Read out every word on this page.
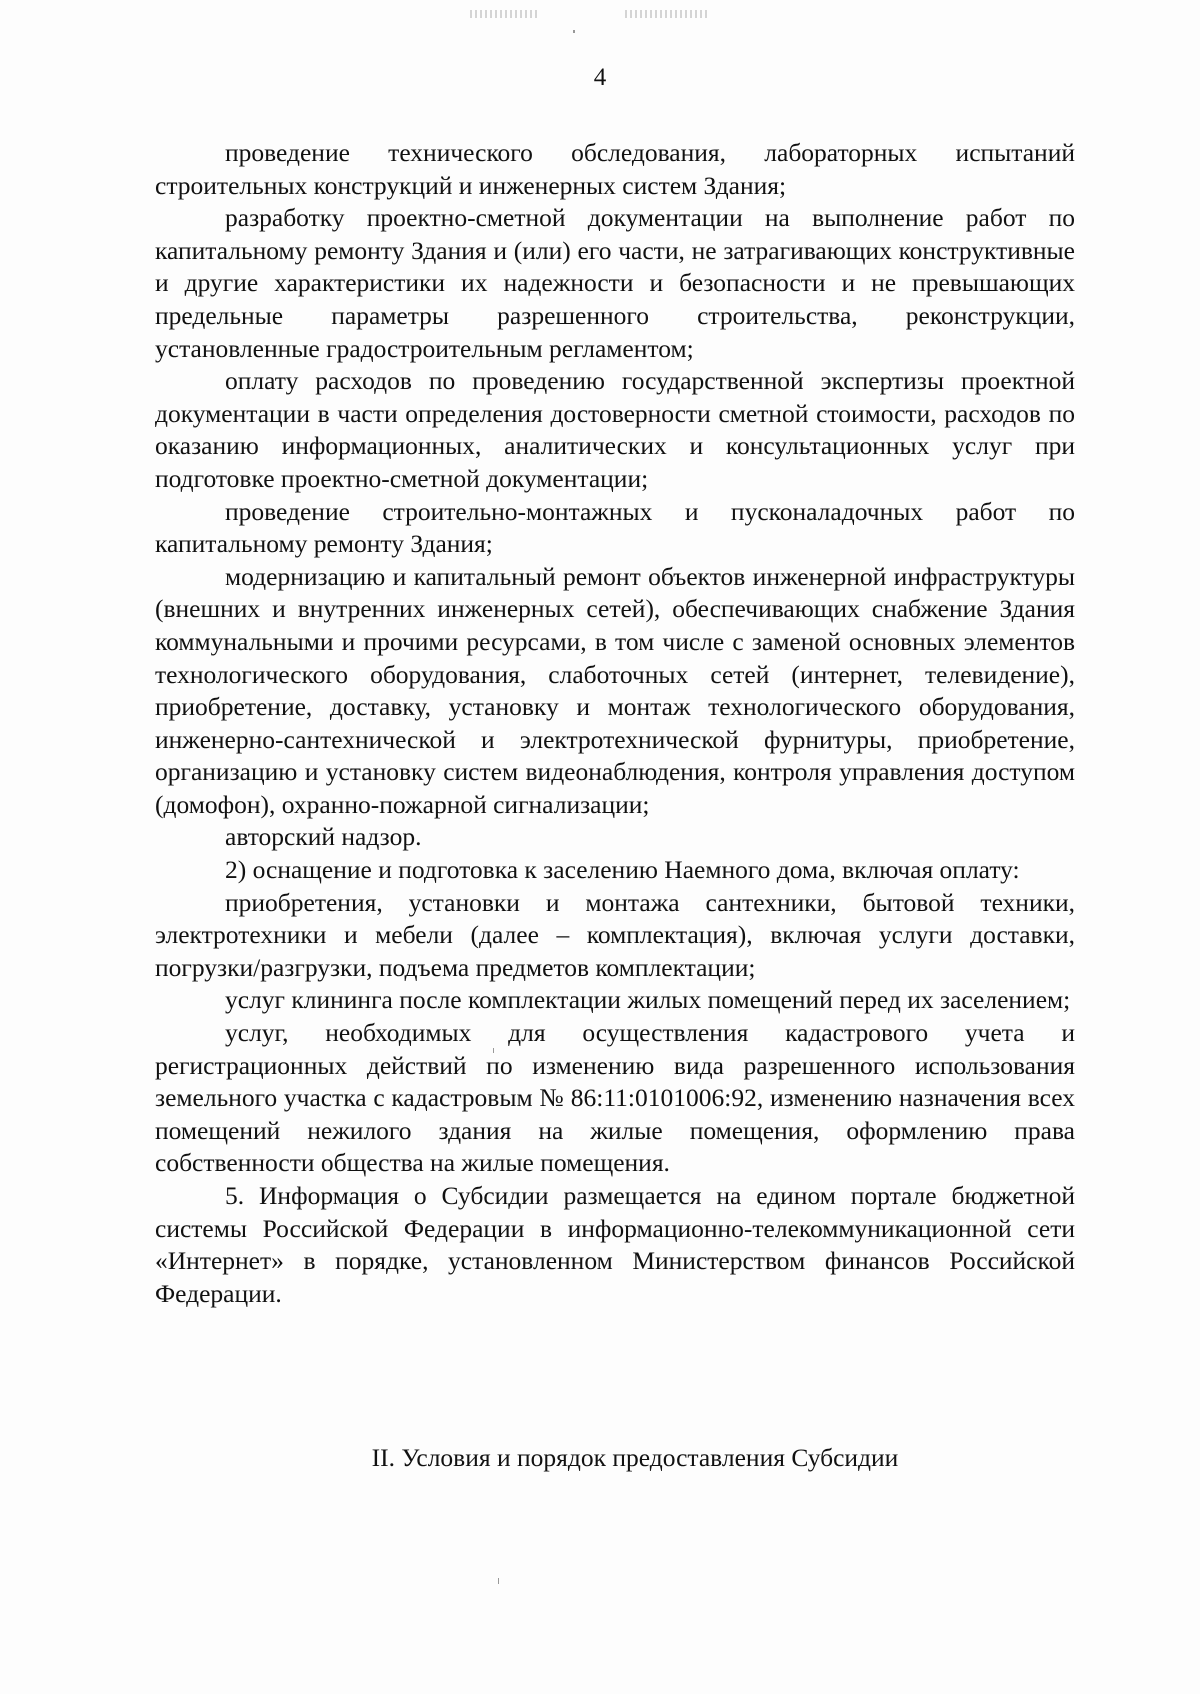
4

проведение технического обследования, лабораторных испытаний строительных конструкций и инженерных систем Здания;

разработку проектно-сметной документации на выполнение работ по капитальному ремонту Здания и (или) его части, не затрагивающих конструктивные и другие характеристики их надежности и безопасности и не превышающих предельные параметры разрешенного строительства, реконструкции, установленные градостроительным регламентом;

оплату расходов по проведению государственной экспертизы проектной документации в части определения достоверности сметной стоимости, расходов по оказанию информационных, аналитических и консультационных услуг при подготовке проектно-сметной документации;

проведение строительно-монтажных и пусконаладочных работ по капитальному ремонту Здания;

модернизацию и капитальный ремонт объектов инженерной инфраструктуры (внешних и внутренних инженерных сетей), обеспечивающих снабжение Здания коммунальными и прочими ресурсами, в том числе с заменой основных элементов технологического оборудования, слаботочных сетей (интернет, телевидение), приобретение, доставку, установку и монтаж технологического оборудования, инженерно-сантехнической и электротехнической фурнитуры, приобретение, организацию и установку систем видеонаблюдения, контроля управления доступом (домофон), охранно-пожарной сигнализации;

авторский надзор.

2) оснащение и подготовка к заселению Наемного дома, включая оплату:

приобретения, установки и монтажа сантехники, бытовой техники, электротехники и мебели (далее – комплектация), включая услуги доставки, погрузки/разгрузки, подъема предметов комплектации;

услуг клининга после комплектации жилых помещений перед их заселением;

услуг, необходимых для осуществления кадастрового учета и регистрационных действий по изменению вида разрешенного использования земельного участка с кадастровым № 86:11:0101006:92, изменению назначения всех помещений нежилого здания на жилые помещения, оформлению права собственности общества на жилые помещения.

5. Информация о Субсидии размещается на едином портале бюджетной системы Российской Федерации в информационно-телекоммуникационной сети «Интернет» в порядке, установленном Министерством финансов Российской Федерации.

II. Условия и порядок предоставления Субсидии
